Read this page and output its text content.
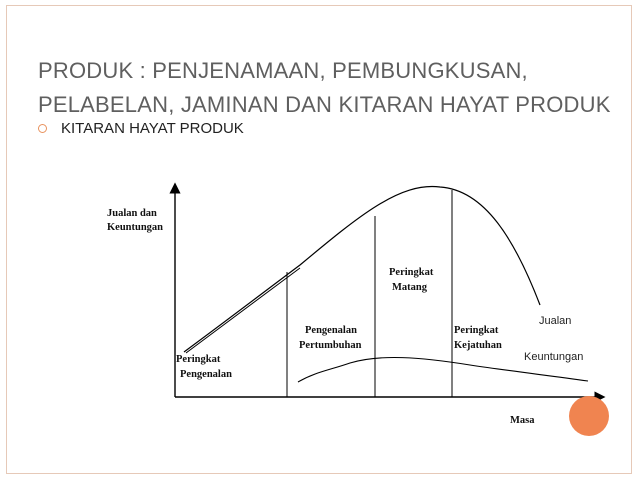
PRODUK : PENJENAMAAN, PEMBUNGKUSAN,
PELABELAN, JAMINAN DAN KITARAN HAYAT PRODUK
KITARAN HAYAT PRODUK
Jualan dan
Keuntungan
Peringkat
Pengenalan
Pengenalan
Pertumbuhan
Peringkat
Matang
Peringkat
Kejatuhan
Jualan
Keuntungan
Masa
